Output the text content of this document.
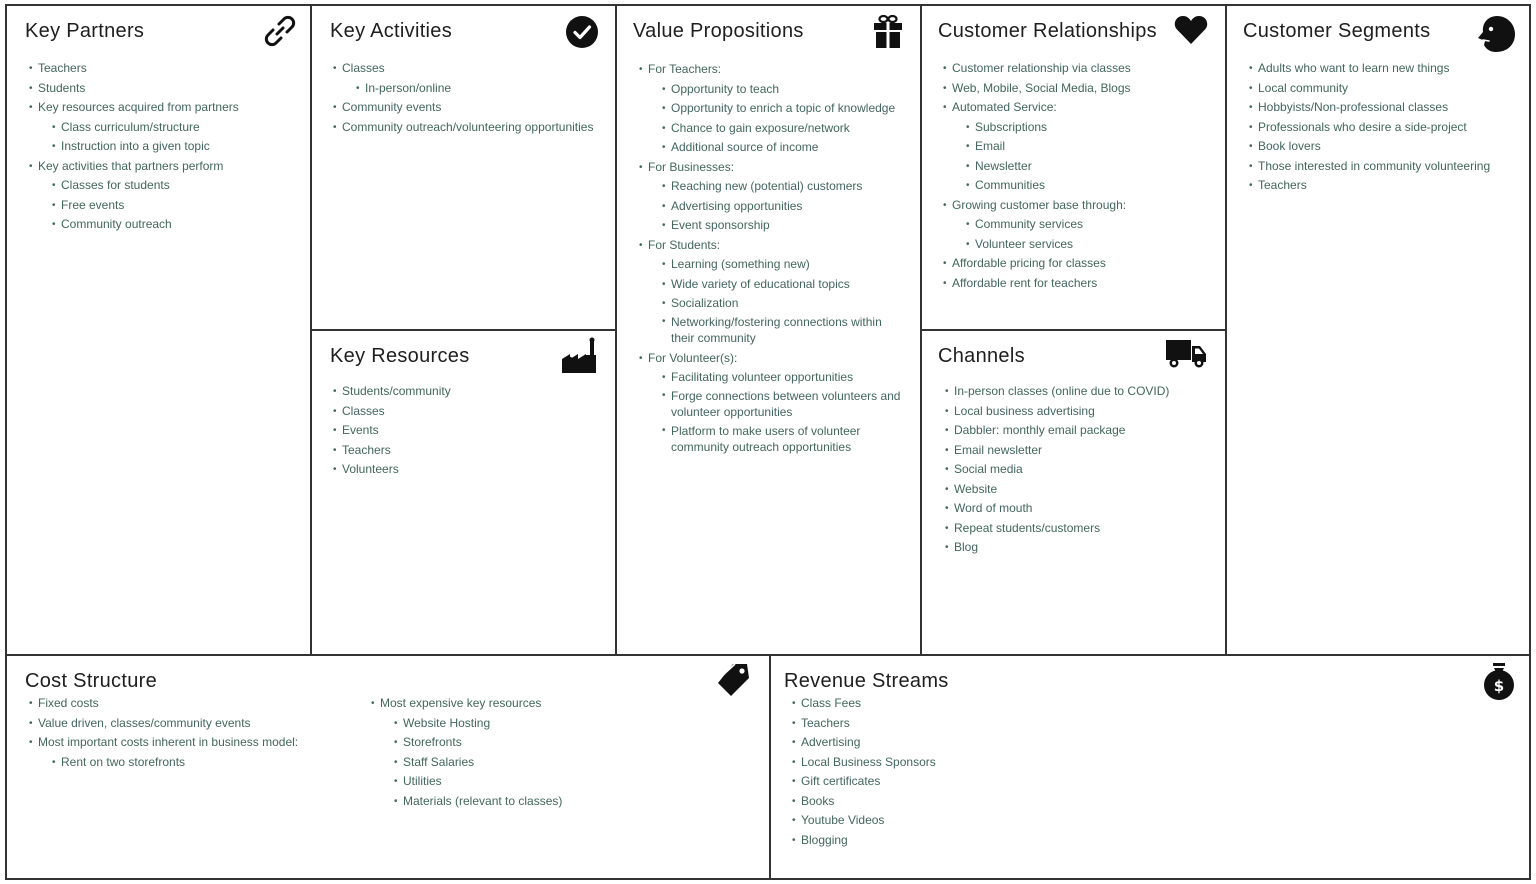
Key Partners
• Teachers
• Students
• Key resources acquired from partners
• Class curriculum/structure
• Instruction into a given topic
• Key activities that partners perform
• Classes for students
• Free events
• Community outreach
Key Activities
• Classes
• In-person/online
• Community events
• Community outreach/volunteering opportunities
Key Resources
• Students/community
• Classes
• Events
• Teachers
• Volunteers
Value Propositions
• For Teachers:
• Opportunity to teach
• Opportunity to enrich a topic of knowledge
• Chance to gain exposure/network
• Additional source of income
• For Businesses:
• Reaching new (potential) customers
• Advertising opportunities
• Event sponsorship
• For Students:
• Learning (something new)
• Wide variety of educational topics
• Socialization
• Networking/fostering connections within their community
• For Volunteer(s):
• Facilitating volunteer opportunities
• Forge connections between volunteers and volunteer opportunities
• Platform to make users of volunteer community outreach opportunities
Customer Relationships
• Customer relationship via classes
• Web, Mobile, Social Media, Blogs
• Automated Service:
• Subscriptions
• Email
• Newsletter
• Communities
• Growing customer base through:
• Community services
• Volunteer services
• Affordable pricing for classes
• Affordable rent for teachers
Channels
• In-person classes (online due to COVID)
• Local business advertising
• Dabbler: monthly email package
• Email newsletter
• Social media
• Website
• Word of mouth
• Repeat students/customers
• Blog
Customer Segments
• Adults who want to learn new things
• Local community
• Hobbyists/Non-professional classes
• Professionals who desire a side-project
• Book lovers
• Those interested in community volunteering
• Teachers
Cost Structure
• Fixed costs
• Value driven, classes/community events
• Most important costs inherent in business model:
• Rent on two storefronts
• Most expensive key resources
• Website Hosting
• Storefronts
• Staff Salaries
• Utilities
• Materials (relevant to classes)
Revenue Streams	$
• Class Fees
• Teachers
• Advertising
• Local Business Sponsors
• Gift certificates
• Books
• Youtube Videos
• Blogging
